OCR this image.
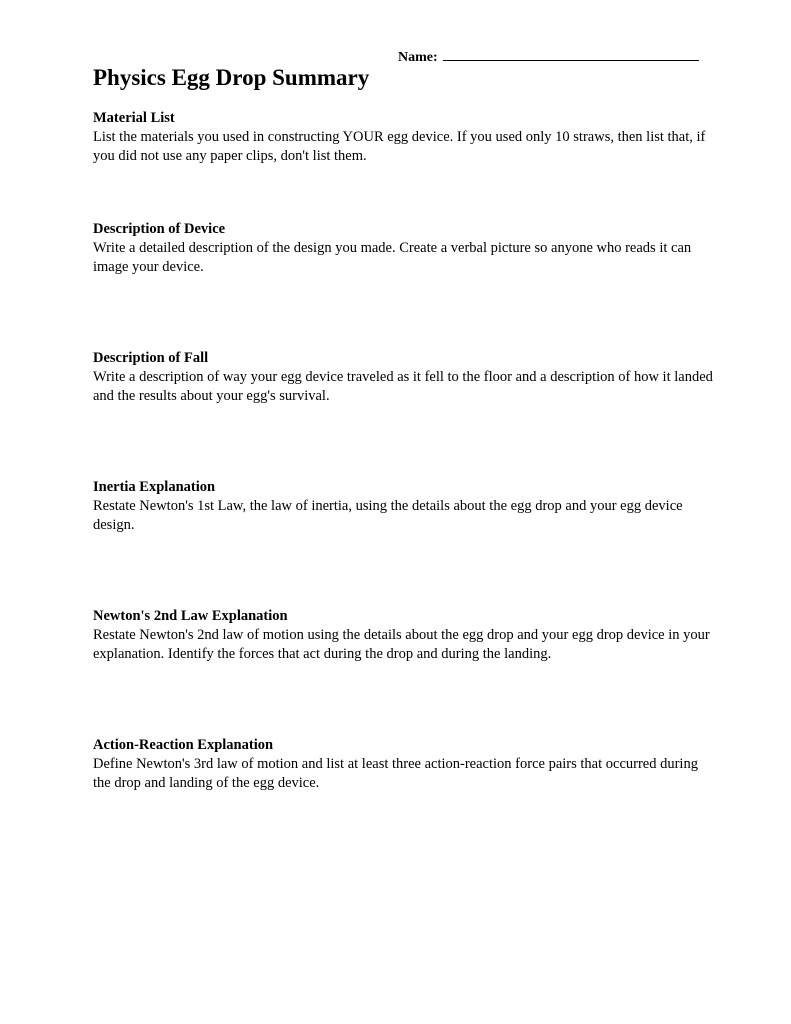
Name:
Physics Egg Drop Summary
Material List

List the materials you used in constructing YOUR egg device. If you used only 10 straws, then list that, if you did not use any paper clips, don't list them.

Description of Device

Write a detailed description of the design you made. Create a verbal picture so anyone who reads it can image your device.

Description of Fall

Write a description of way your egg device traveled as it fell to the floor and a description of how it landed and the results about your egg's survival.

Inertia Explanation

Restate Newton's 1st Law, the law of inertia, using the details about the egg drop and your egg device design.

Newton's 2nd Law Explanation

Restate Newton's 2nd law of motion using the details about the egg drop and your egg drop device in your explanation. Identify the forces that act during the drop and during the landing.

Action-Reaction Explanation

Define Newton's 3rd law of motion and list at least three action-reaction force pairs that occurred during the drop and landing of the egg device.
